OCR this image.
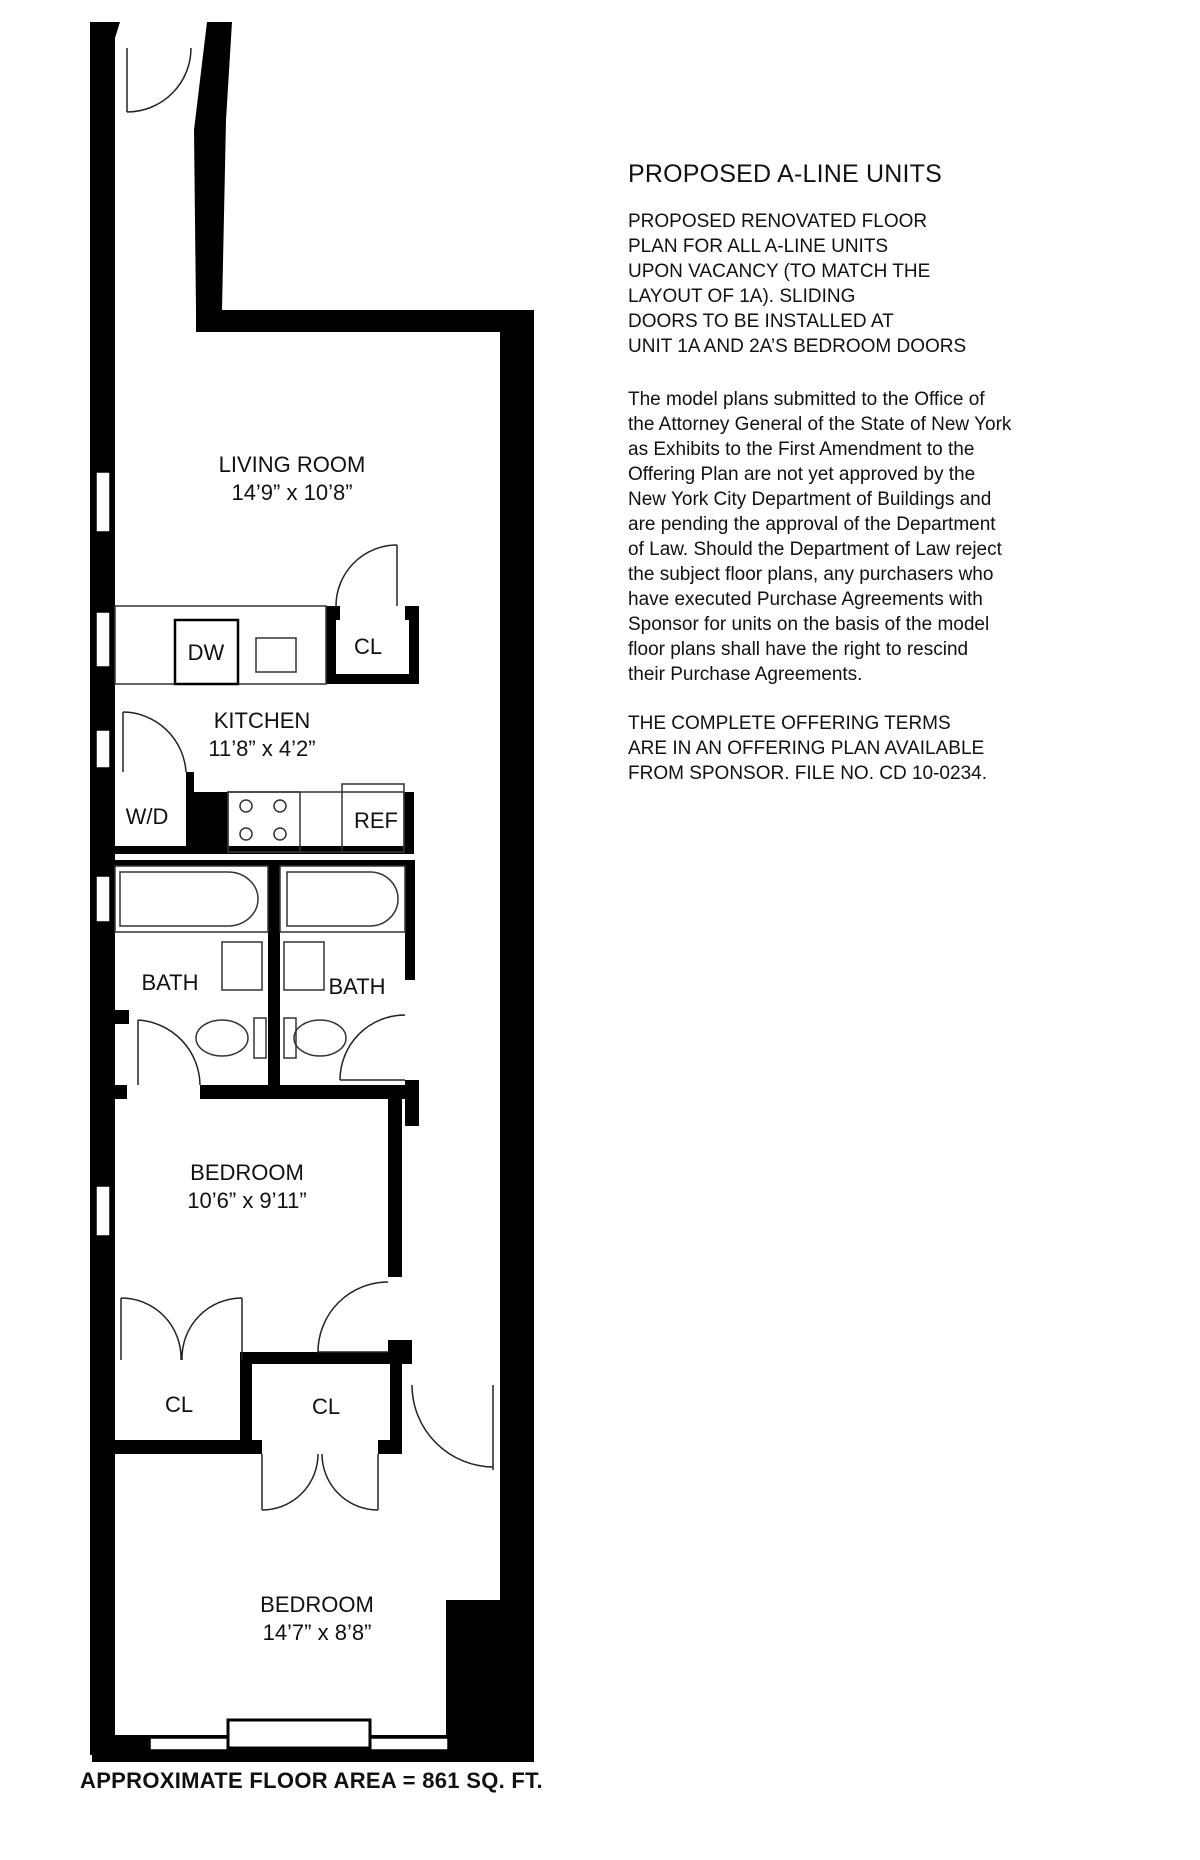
LIVING ROOM
14’9” x 10’8”
KITCHEN
11’8” x 4’2”
BATH	BATH
BEDROOM
10’6” x 9’11”
BEDROOM
14’7” x 8’8”
DW	CL
W/D	REF
CL	CL
PROPOSED A-LINE UNITS
PROPOSED RENOVATED FLOOR
PLAN FOR ALL A-LINE UNITS
UPON VACANCY (TO MATCH THE
LAYOUT OF 1A). SLIDING
DOORS TO BE INSTALLED AT
UNIT 1A AND 2A’S BEDROOM DOORS
The model plans submitted to the Office of
the Attorney General of the State of New York
as Exhibits to the First Amendment to the
Offering Plan are not yet approved by the
New York City Department of Buildings and
are pending the approval of the Department
of Law. Should the Department of Law reject
the subject floor plans, any purchasers who
have executed Purchase Agreements with
Sponsor for units on the basis of the model
floor plans shall have the right to rescind
their Purchase Agreements.
THE COMPLETE OFFERING TERMS
ARE IN AN OFFERING PLAN AVAILABLE
FROM SPONSOR. FILE NO. CD 10-0234.
APPROXIMATE FLOOR AREA = 861 SQ. FT.
